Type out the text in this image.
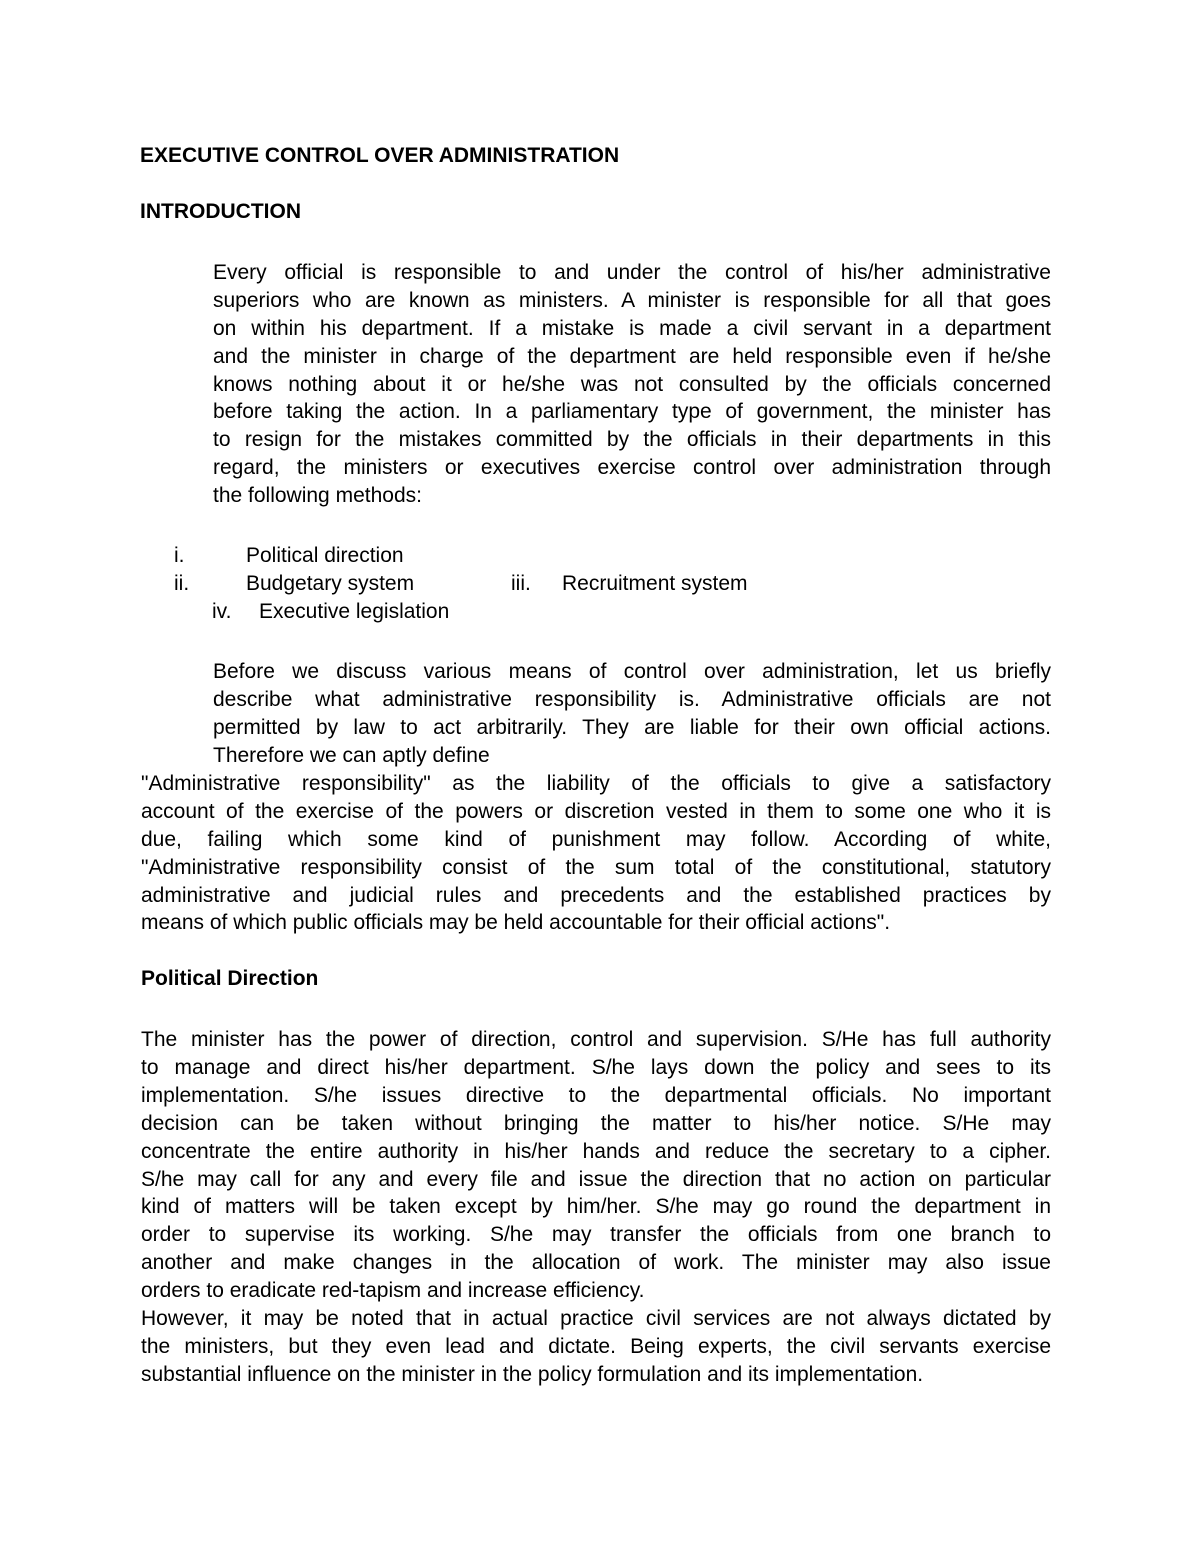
EXECUTIVE CONTROL OVER ADMINISTRATION
INTRODUCTION
Every official is responsible to and under the control of his/her administrative
superiors who are known as ministers. A minister is responsible for all that goes
on within his department. If a mistake is made a civil servant in a department
and the minister in charge of the department are held responsible even if he/she
knows nothing about it or he/she was not consulted by the officials concerned
before taking the action. In a parliamentary type of government, the minister has
to resign for the mistakes committed by the officials in their departments in this
regard, the ministers or executives exercise control over administration through
the following methods:
i.	Political direction
ii.	Budgetary system	iii. Recruitment system
iv. Executive legislation
Before we discuss various means of control over administration, let us briefly
describe what administrative responsibility is. Administrative officials are not
permitted by law to act arbitrarily. They are liable for their own official actions.
Therefore we can aptly define
"Administrative responsibility" as the liability of the officials to give a satisfactory
account of the exercise of the powers or discretion vested in them to some one who it is
due, failing which some kind of punishment may follow. According of white,
"Administrative responsibility consist of the sum total of the constitutional, statutory
administrative and judicial rules and precedents and the established practices by
means of which public officials may be held accountable for their official actions".
Political Direction
The minister has the power of direction, control and supervision. S/He has full authority
to manage and direct his/her department. S/he lays down the policy and sees to its
implementation. S/he issues directive to the departmental officials. No important
decision can be taken without bringing the matter to his/her notice. S/He may
concentrate the entire authority in his/her hands and reduce the secretary to a cipher.
S/he may call for any and every file and issue the direction that no action on particular
kind of matters will be taken except by him/her. S/he may go round the department in
order to supervise its working. S/he may transfer the officials from one branch to
another and make changes in the allocation of work. The minister may also issue
orders to eradicate red-tapism and increase efficiency.
However, it may be noted that in actual practice civil services are not always dictated by
the ministers, but they even lead and dictate. Being experts, the civil servants exercise
substantial influence on the minister in the policy formulation and its implementation.
